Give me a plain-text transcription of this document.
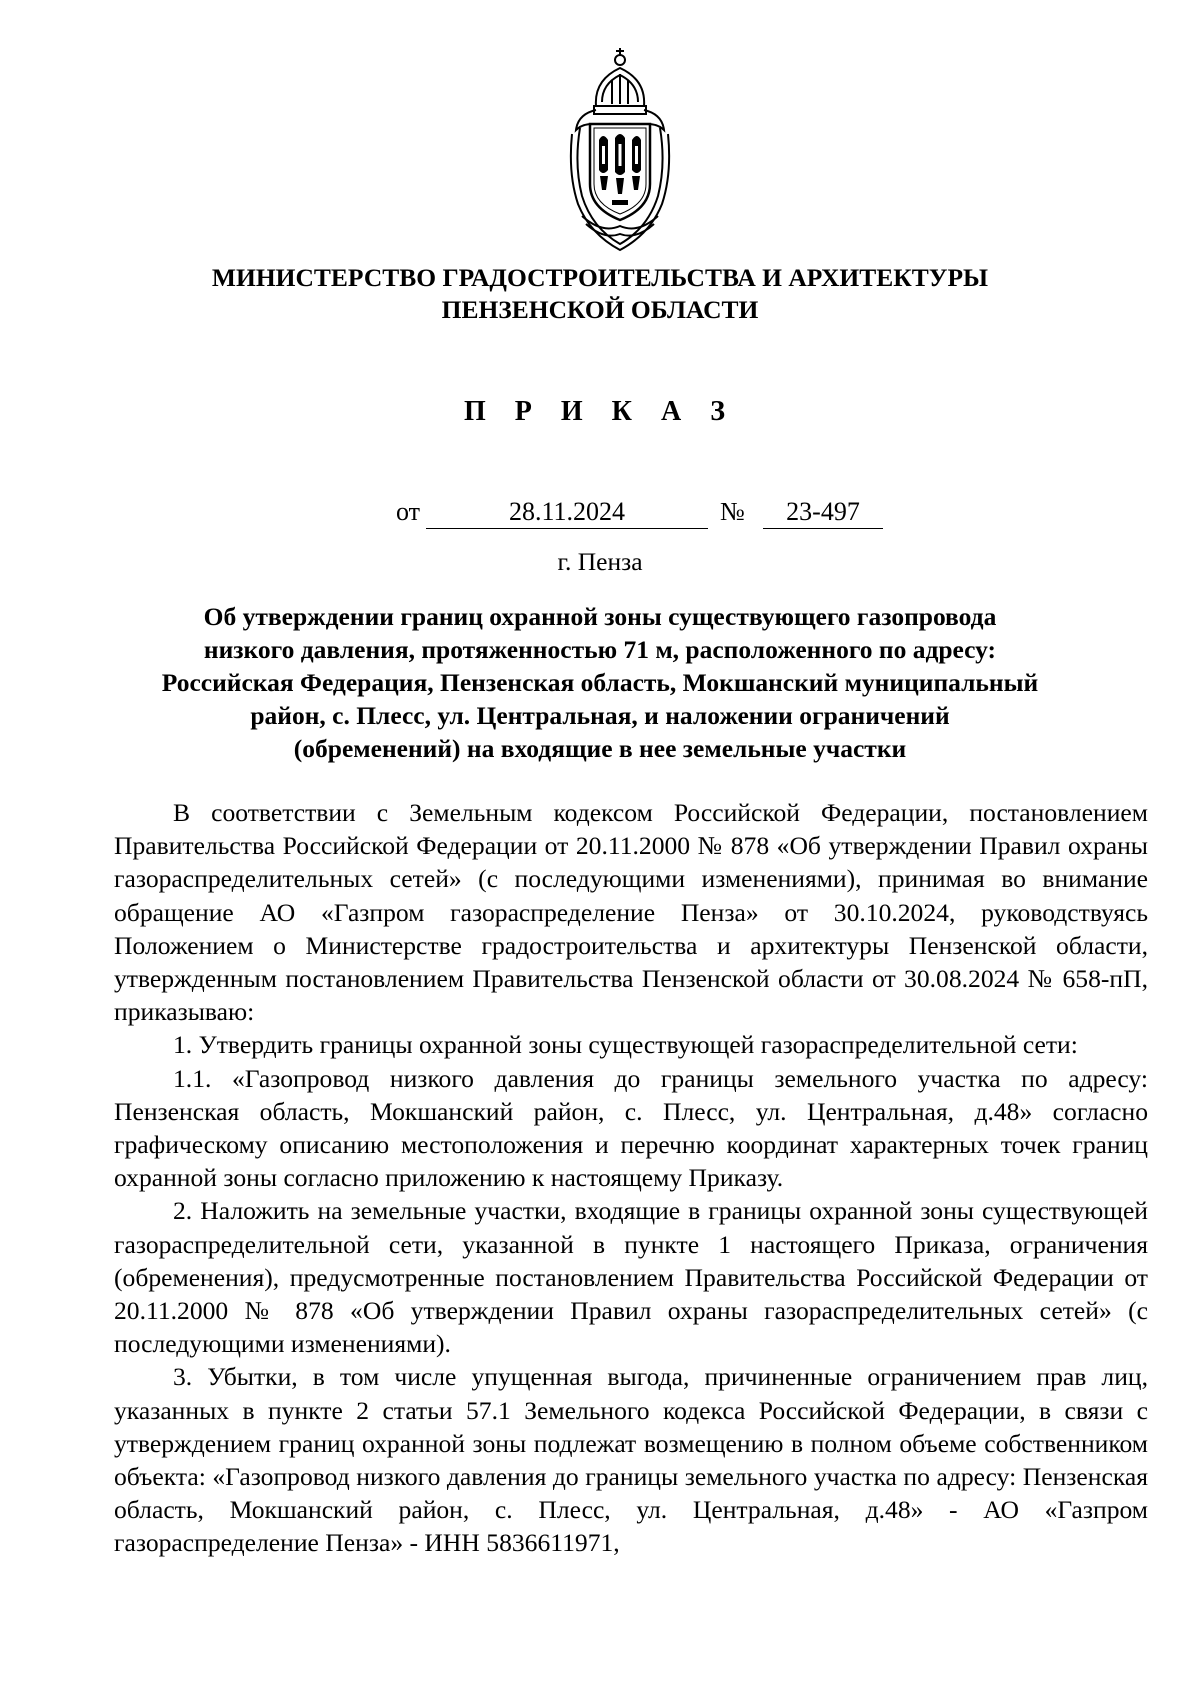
МИНИСТЕРСТВО ГРАДОСТРОИТЕЛЬСТВА И АРХИТЕКТУРЫ
ПЕНЗЕНСКОЙ ОБЛАСТИ
П Р И К А З
от	28.11.2024	№	23-497
г. Пенза
Об утверждении границ охранной зоны существующего газопровода
низкого давления, протяженностью 71 м, расположенного по адресу:
Российская Федерация, Пензенская область, Мокшанский муниципальный
район, с. Плесс, ул. Центральная, и наложении ограничений
(обременений) на входящие в нее земельные участки

В соответствии с Земельным кодексом Российской Федерации, постановлением Правительства Российской Федерации от 20.11.2000 № 878 «Об утверждении Правил охраны газораспределительных сетей» (с последующими изменениями), принимая во внимание обращение АО «Газпром газораспределение Пенза» от 30.10.2024, руководствуясь Положением о Министерстве градостроительства и архитектуры Пензенской области, утвержденным постановлением Правительства Пензенской области от 30.08.2024 № 658-пП, приказываю:

1. Утвердить границы охранной зоны существующей газораспределительной сети:

1.1. «Газопровод низкого давления до границы земельного участка по адресу: Пензенская область, Мокшанский район, с. Плесс, ул. Центральная, д.48» согласно графическому описанию местоположения и перечню координат характерных точек границ охранной зоны согласно приложению к настоящему Приказу.

2. Наложить на земельные участки, входящие в границы охранной зоны существующей газораспределительной сети, указанной в пункте 1 настоящего Приказа, ограничения (обременения), предусмотренные постановлением Правительства Российской Федерации от 20.11.2000 № 878 «Об утверждении Правил охраны газораспределительных сетей» (с последующими изменениями).

3. Убытки, в том числе упущенная выгода, причиненные ограничением прав лиц, указанных в пункте 2 статьи 57.1 Земельного кодекса Российской Федерации, в связи с утверждением границ охранной зоны подлежат возмещению в полном объеме собственником объекта: «Газопровод низкого давления до границы земельного участка по адресу: Пензенская область, Мокшанский район, с. Плесс, ул. Центральная, д.48» - АО «Газпром газораспределение Пенза» - ИНН 5836611971,
